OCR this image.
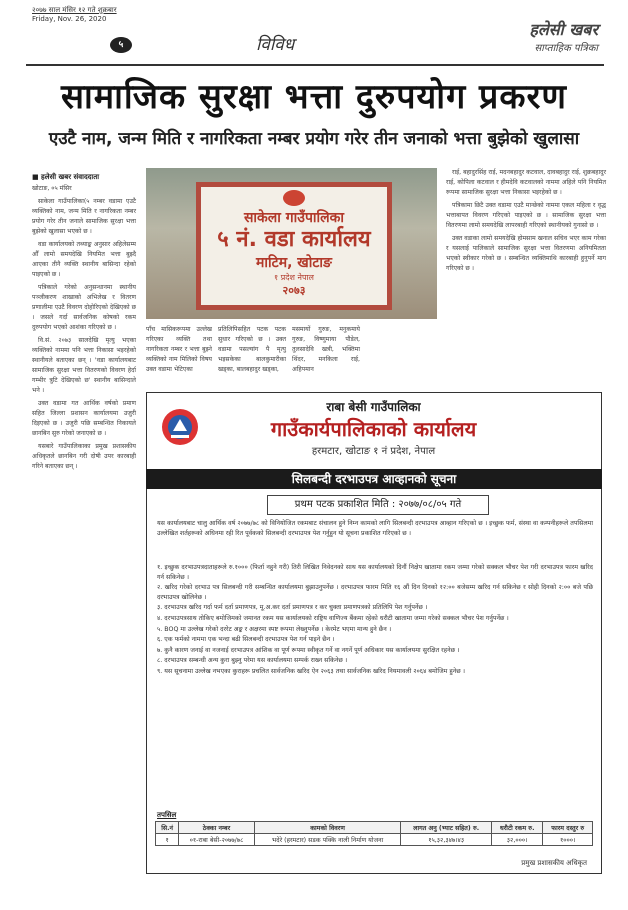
२०७७ साल मंसिर १२ गते शुक्रबार
Friday, Nov. 26, 2020
५	विविध
हलेसी खबर
साप्ताहिक पत्रिका
सामाजिक सुरक्षा भत्ता दुरुपयोग प्रकरण
एउटै नाम, जन्म मिति र नागरिकता नम्बर प्रयोग गरेर तीन जनाको भत्ता बुझेको खुलासा
■ हलेसी खबर संवाददाता
खोटाङ, ०५ मंसिर

साकेला गाउँपालिका(५ नम्बर वडामा एउटै व्यक्तिको नाम, जन्म मिति र नागरिकता नम्बर प्रयोग गरेर तीन जनाले सामाजिक सुरक्षा भत्ता बुझेको खुलासा भएको छ ।

वडा कार्यालयको तथ्याङ्क अनुसार अहिलेसम्म औँ लामो समयदेखि नियमित भत्ता बुझ्दै आएका तीनै व्यक्ति स्थानीय बासिन्दा रहेको पाइएको छ ।

पत्रिकाले गरेको अनुसन्धानमा स्थानीय पञ्जीकरण शाखाको अभिलेख र वितरण प्रणालीमा एउटै विवरण दोहोरिएको देखिएको छ । जसले गर्दा सार्वजनिक कोषको रकम दुरुपयोग भएको आशंका गरिएको छ ।

वि.सं. २०७३ सालदेखि मृत्यु भएका व्यक्तिको नाममा पनि भत्ता निकासा भइरहेको स्थानीयले बताएका छन् । 'वडा कार्यालयबाट सामाजिक सुरक्षा भत्ता वितरणको विवरण हेर्दा गम्भीर त्रुटि देखिएको छ' स्थानीय बासिन्दाले भने ।

उक्त वडामा गत आर्थिक वर्षको प्रमाण सहित जिल्ला प्रशासन कार्यालयमा उजुरी दिइएको छ । उजुरी पछि सम्बन्धित निकायले छानबिन सुरु गरेको जनाएको छ ।

यसबारे गाउँपालिकाका प्रमुख प्रशासकीय अधिकृतले छानबिन गरी दोषी उपर कारबाही गरिने बताएका छन् ।

साकेला गाउँपालिका
५ नं. वडा कार्यालय
माटिम, खोटाङ
१ प्रदेश नेपाल
२०७३
पाँच मासिकरूपमा उल्लेख गरिएका व्यक्ति तथा नागरिकता नम्बर र भत्ता बुझ्ने व्यक्तिको नाम मिलिको विषय उक्त वडामा भेटिएका
प्रतिलिपिसहित पटक पटक सुधार गरिएको छ । उक्त वडामा पसल्यांग पै मृत्यु भइसकेका बालकुमारीका खड्का, बालबहादुर खड्का,
मसमायों गुरुङ, मनुकमाये गुरुङ, विष्णुमाया पौडेल, तुलसादेवि खत्री, भक्तिमा थिंदर, मनकिला राई, अहिपमान

राई, बहादुरसिंह राई, मदनबहादुर कटवाल, दावबहादुर राई, शुक्रबहादुर राई, कोपिला कटवाल र हीमदेवि कटवालको नाममा अहिले पनि नियमित रूपमा सामाजिक सुरक्षा भत्ता निकासा भइरहेको छ ।

पत्रिकामा छिटै उक्त वडामा एउटै मान्छेको नाममा एकल महिला र वृद्ध भत्ताबापत विवरण गरिएको पाइएको छ । सामाजिक सुरक्षा भत्ता वितरणमा लामो समयदेखि लापरबाही गरिएको स्थानीयको गुनासो छ ।

उक्त वडाका लामो समयदेखि होमसाम खनाल सचिव भएर काम गरेका र यसलाई पालिकाले सामाजिक सुरक्षा भत्ता वितरणमा अनियमितता भएको स्वीकार गरेको छ । सम्बन्धित व्यक्तिमाथि कारबाही हुनुपर्ने माग गरिएको छ ।

राबा बेसी गाउँपालिका
गाउँकार्यपालिकाको कार्यालय
हरमटार, खोटाङ १ नं प्रदेश, नेपाल
सिलबन्दी दरभाउपत्र आव्हानको सूचना
प्रथम पटक प्रकाशित मिति : २०७७/०८/०५ गते
यस कार्यालयबाट चालु आर्थिक वर्ष २०७७/७८ को विनियोजित रकमबाट संचालन हुने निम्न कामको लागि सिलबन्दी दरभाउपत्र आव्हान गरिएको छ । इच्छुक फर्म, संस्था वा कम्पनीहरूले तपसिलमा उल्लेखित शर्तहरूको अधिनमा रही रित पूर्वकको सिलबन्दी दरभाउपत्र पेश गर्नुहुन यो सूचना प्रकाशित गरिएको छ ।

१. इच्छुक दरभाउपत्रदाताहरूले रु.१००० (फिर्ता नहुने गरी) तिरी लिखित निवेदनको साथ यस कार्यालयको दिनौं निक्षेप खातामा रकम जम्मा गरेको सक्कल भौचर पेश गरी दरभाउपत्र फारम खरिद गर्न सकिनेछ ।

२. खरिद गरेको दरभाउ पत्र सिलबन्दी गरी सम्बन्धित कार्यालयमा बुझाउनुपर्नेछ । दरभाउपत्र फारम मिति १६ औं दिन दिनको १२:०० बजेसम्म खरिद गर्न सकिनेछ र सोही दिनको २:०० बजे पछि दरभाउपत्र खोलिनेछ ।

३. दरभाउपत्र खरिद गर्दा फर्म दर्ता प्रमाणपत्र, मू.अ.कर दर्ता प्रमाणपत्र र कर चुक्ता प्रमाणपत्रको प्रतिलिपि पेश गर्नुपर्नेछ ।

४. दरभाउपत्रसाथ तोकिए बमोजिमको जमानत रकम यस कार्यालयको राष्ट्रिय वाणिज्य बैंकमा रहेको धरौटी खातामा जम्मा गरेको सक्कल भौचर पेश गर्नुपर्नेछ ।

५. BOQ मा उल्लेख गरेको दररेट अङ्क र अक्षरमा स्पष्ट रूपमा लेख्नुपर्नेछ । केरमेट भएमा मान्य हुने छैन ।

६. एक फर्मको नाममा एक भन्दा बढी सिलबन्दी दरभाउपत्र पेश गर्न पाइने छैन ।

७. कुनै कारण जनाई वा नजनाई दरभाउपत्र आंशिक वा पूर्ण रूपमा स्वीकृत गर्ने वा नगर्ने पूर्ण अधिकार यस कार्यालयमा सुरक्षित रहनेछ ।

८. दरभाउपत्र सम्बन्धी अन्य कुरा बुझ्नु परेमा यस कार्यालयमा सम्पर्क राख्न सकिनेछ ।

९. यस सूचनामा उल्लेख नभएका कुराहरू प्रचलित सार्वजनिक खरिद ऐन २०६३ तथा सार्वजनिक खरिद नियमावली २०६४ बमोजिम हुनेछ ।

तपसिल
सि.नं	ठेक्का नम्बर	कामको विवरण	लागत अनु (भ्याट सहित) रु.	धरौटी रकम रु.	फारम दस्तुर रु
१	०१-राबा बेसी-२०७७/७८	भदेरे (हरमटार) सडक पक्कि नाली निर्माण योजना	१५,३२,३४७।४३	३२,०००।	१०००।
प्रमुख प्रशासकीय अधिकृत
